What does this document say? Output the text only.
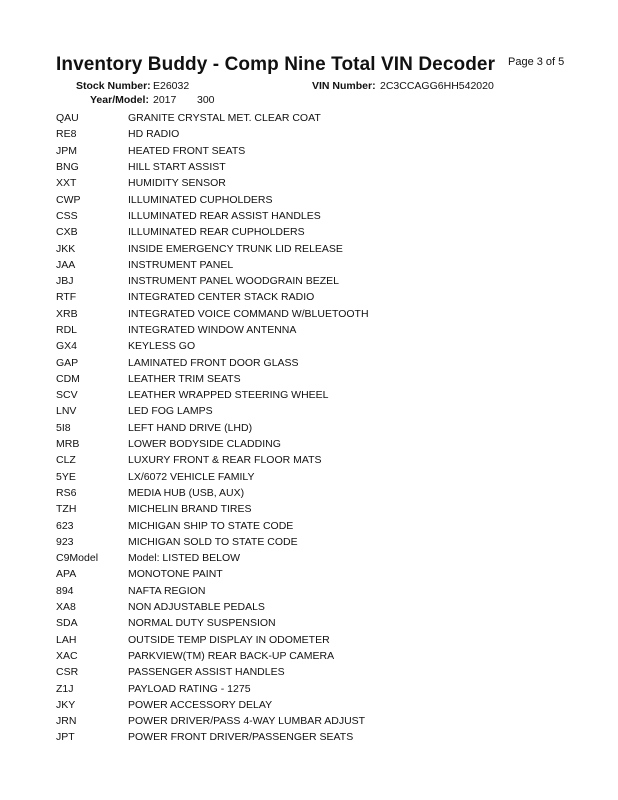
Inventory Buddy - Comp Nine Total VIN Decoder Page 3 of 5
Stock Number: E26032	VIN Number: 2C3CCAGG6HH542020
Year/Model: 2017 300
QAU	GRANITE CRYSTAL MET. CLEAR COAT
RE8	HD RADIO
JPM	HEATED FRONT SEATS
BNG	HILL START ASSIST
XXT	HUMIDITY SENSOR
CWP	ILLUMINATED CUPHOLDERS
CSS	ILLUMINATED REAR ASSIST HANDLES
CXB	ILLUMINATED REAR CUPHOLDERS
JKK	INSIDE EMERGENCY TRUNK LID RELEASE
JAA	INSTRUMENT PANEL
JBJ	INSTRUMENT PANEL WOODGRAIN BEZEL
RTF	INTEGRATED CENTER STACK RADIO
XRB	INTEGRATED VOICE COMMAND W/BLUETOOTH
RDL	INTEGRATED WINDOW ANTENNA
GX4	KEYLESS GO
GAP	LAMINATED FRONT DOOR GLASS
CDM	LEATHER TRIM SEATS
SCV	LEATHER WRAPPED STEERING WHEEL
LNV	LED FOG LAMPS
5I8	LEFT HAND DRIVE (LHD)
MRB	LOWER BODYSIDE CLADDING
CLZ	LUXURY FRONT & REAR FLOOR MATS
5YE	LX/6072 VEHICLE FAMILY
RS6	MEDIA HUB (USB, AUX)
TZH	MICHELIN BRAND TIRES
623	MICHIGAN SHIP TO STATE CODE
923	MICHIGAN SOLD TO STATE CODE
C9Model	Model: LISTED BELOW
APA	MONOTONE PAINT
894	NAFTA REGION
XA8	NON ADJUSTABLE PEDALS
SDA	NORMAL DUTY SUSPENSION
LAH	OUTSIDE TEMP DISPLAY IN ODOMETER
XAC	PARKVIEW(TM) REAR BACK-UP CAMERA
CSR	PASSENGER ASSIST HANDLES
Z1J	PAYLOAD RATING - 1275
JKY	POWER ACCESSORY DELAY
JRN	POWER DRIVER/PASS 4-WAY LUMBAR ADJUST
JPT	POWER FRONT DRIVER/PASSENGER SEATS
